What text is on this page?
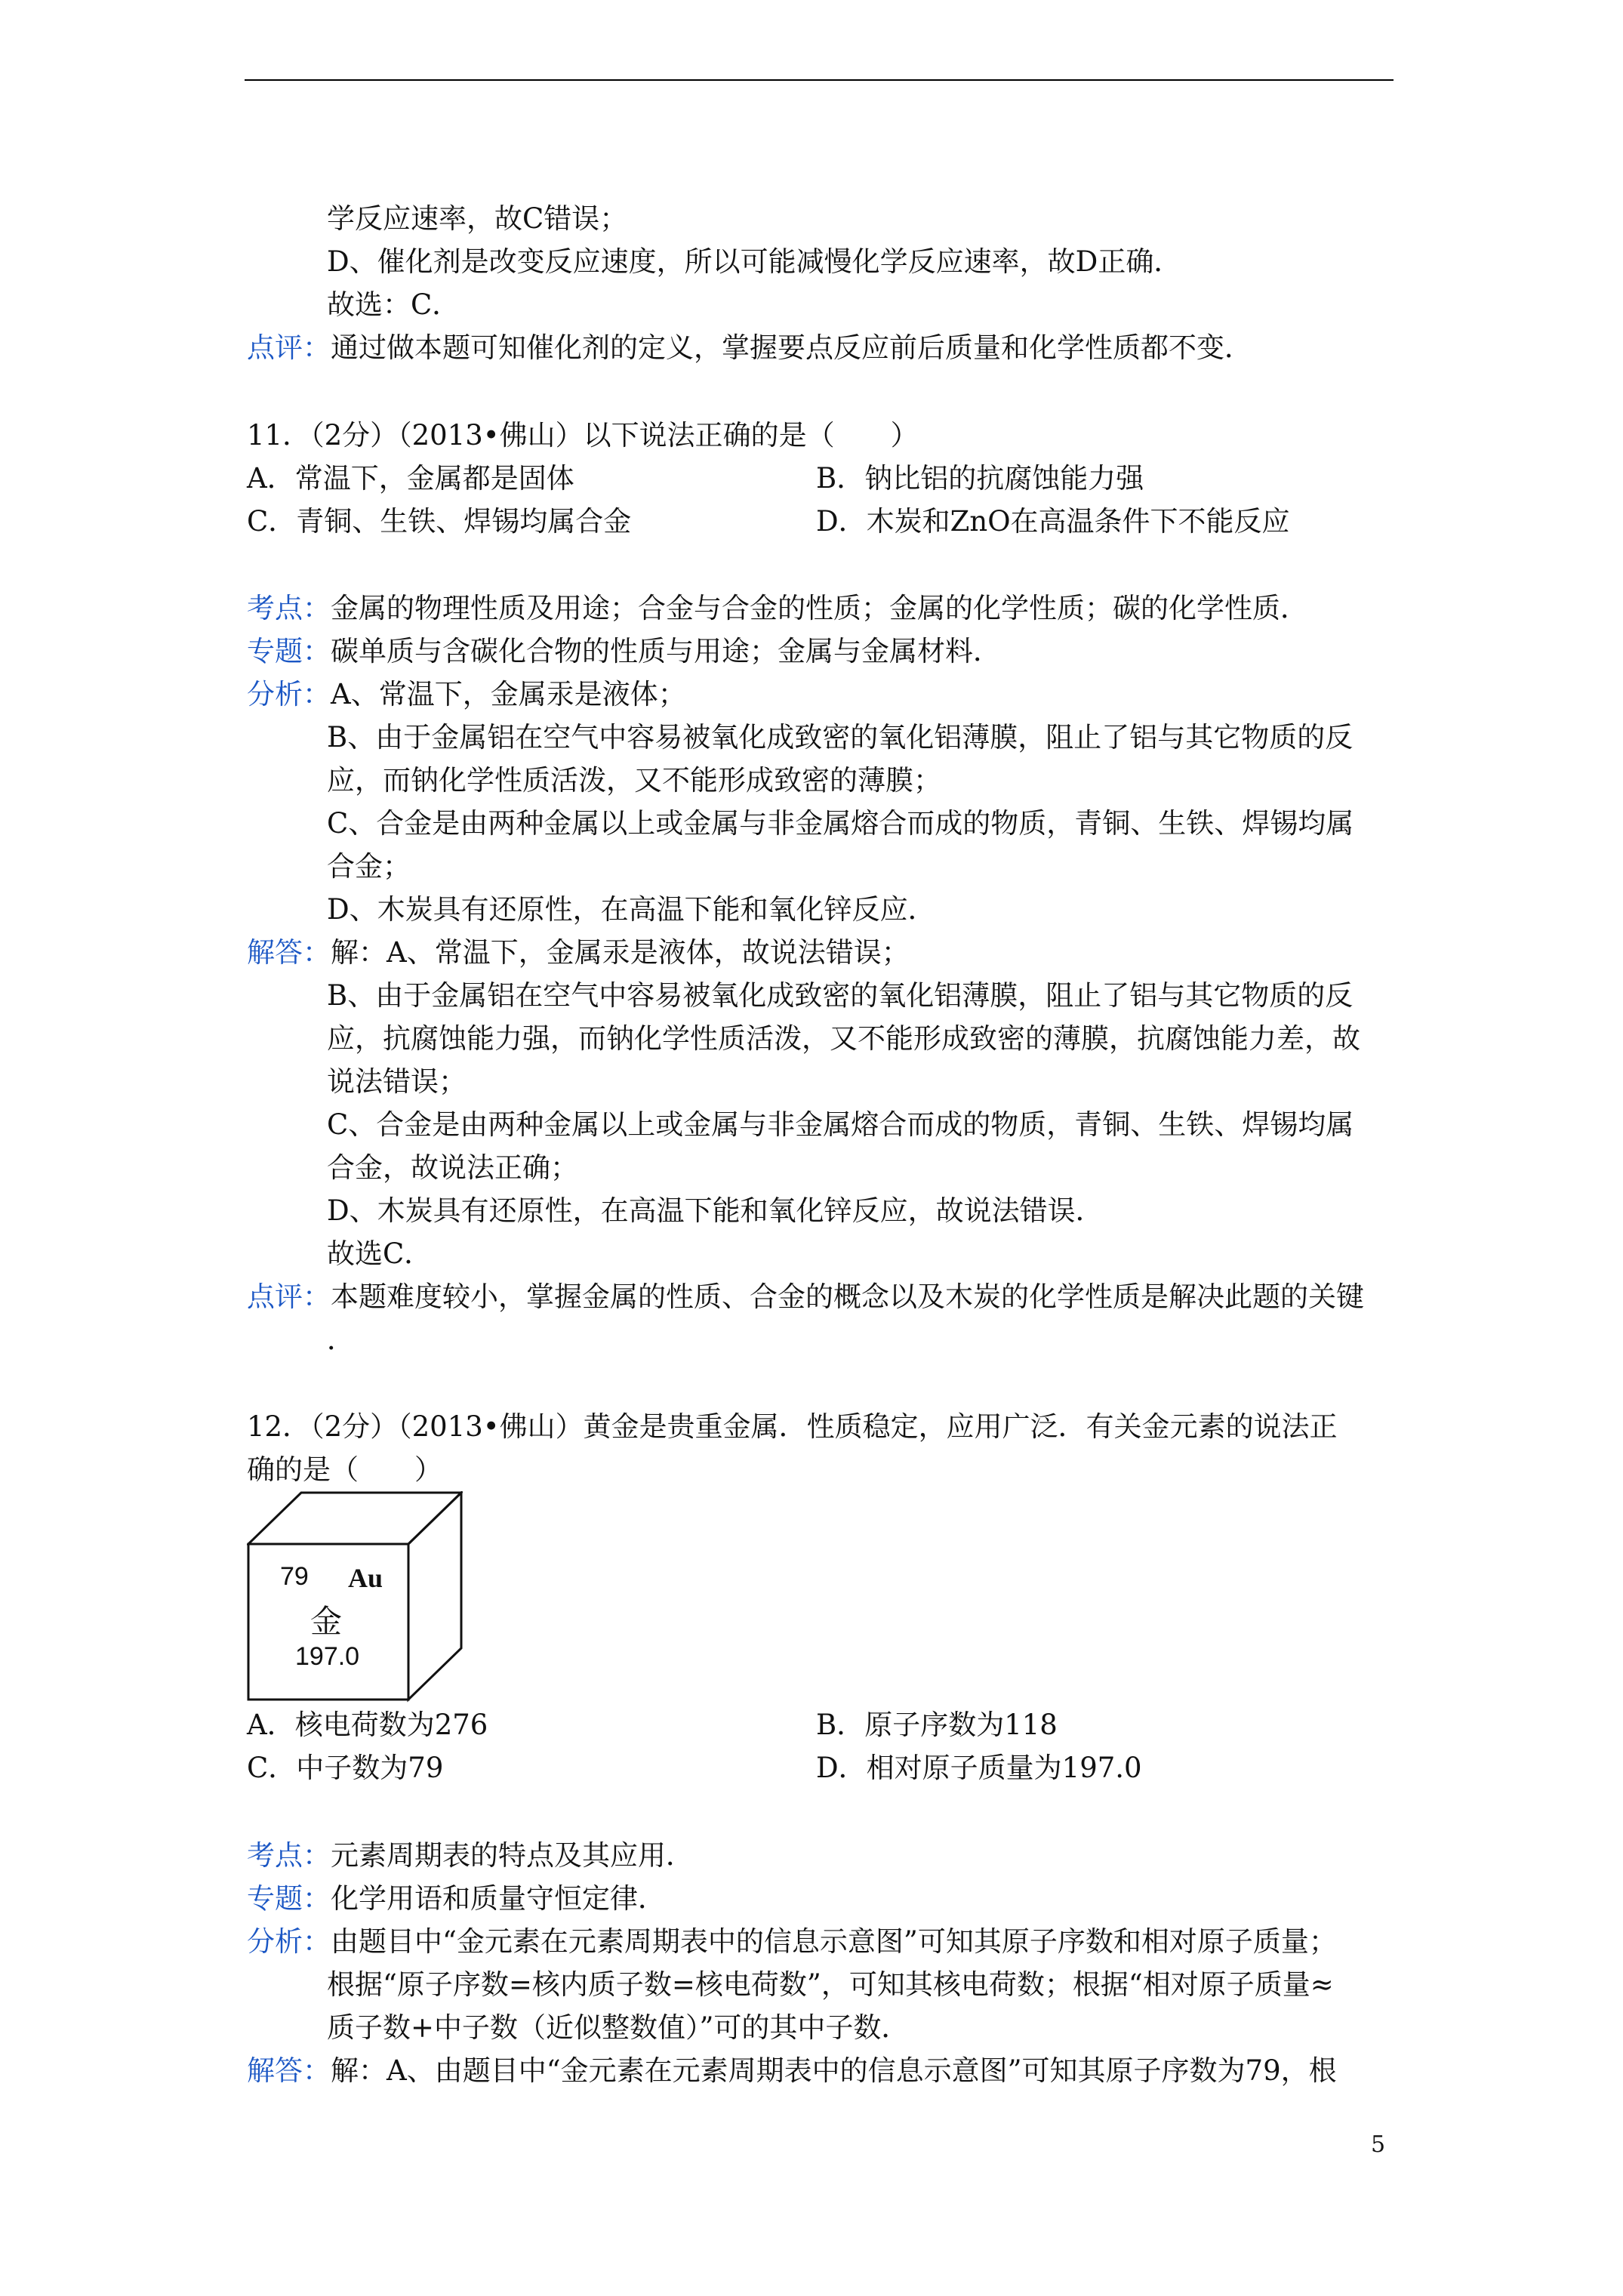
学反应速率，故C错误；
D、催化剂是改变反应速度，所以可能减慢化学反应速率，故D正确．
故选：C．
点评：通过做本题可知催化剂的定义，掌握要点反应前后质量和化学性质都不变．
11．（2分）（2013•佛山）以下说法正确的是（　　）
A．常温下，金属都是固体	B．钠比铝的抗腐蚀能力强
C．青铜、生铁、焊锡均属合金	D．木炭和ZnO在高温条件下不能反应
考点：金属的物理性质及用途；合金与合金的性质；金属的化学性质；碳的化学性质．
专题：碳单质与含碳化合物的性质与用途；金属与金属材料．
分析：A、常温下，金属汞是液体；
B、由于金属铝在空气中容易被氧化成致密的氧化铝薄膜，阻止了铝与其它物质的反
应，而钠化学性质活泼，又不能形成致密的薄膜；
C、合金是由两种金属以上或金属与非金属熔合而成的物质，青铜、生铁、焊锡均属
合金；
D、木炭具有还原性，在高温下能和氧化锌反应．
解答：解：A、常温下，金属汞是液体，故说法错误；
B、由于金属铝在空气中容易被氧化成致密的氧化铝薄膜，阻止了铝与其它物质的反
应，抗腐蚀能力强，而钠化学性质活泼，又不能形成致密的薄膜，抗腐蚀能力差，故
说法错误；
C、合金是由两种金属以上或金属与非金属熔合而成的物质，青铜、生铁、焊锡均属
合金，故说法正确；
D、木炭具有还原性，在高温下能和氧化锌反应，故说法错误．
故选C．
点评：本题难度较小，掌握金属的性质、合金的概念以及木炭的化学性质是解决此题的关键
．
12．（2分）（2013•佛山）黄金是贵重金属．性质稳定，应用广泛．有关金元素的说法正
确的是（　　）
79 Au
金
197.0
A．核电荷数为276	B．原子序数为118
C．中子数为79	D．相对原子质量为197.0
考点：元素周期表的特点及其应用．
专题：化学用语和质量守恒定律．
分析：由题目中“金元素在元素周期表中的信息示意图”可知其原子序数和相对原子质量；
根据“原子序数=核内质子数=核电荷数”，可知其核电荷数；根据“相对原子质量≈
质子数+中子数（近似整数值）”可的其中子数．
解答：解：A、由题目中“金元素在元素周期表中的信息示意图”可知其原子序数为79，根
5
